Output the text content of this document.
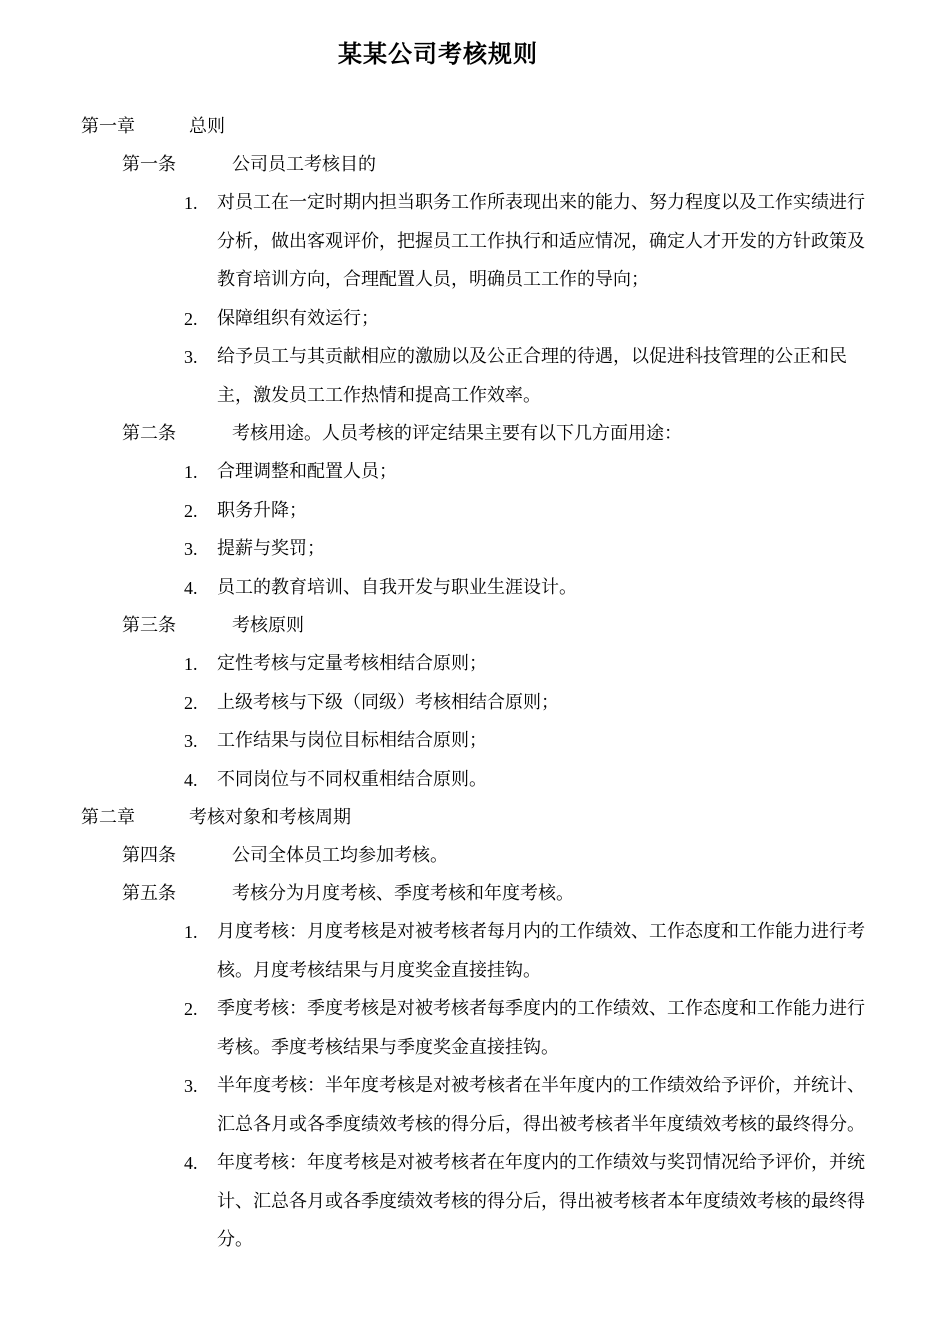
某某公司考核规则
第一章	总则
第一条	公司员工考核目的
1. 对员工在一定时期内担当职务工作所表现出来的能力、努力程度以及工作实绩进行分析，做出客观评价，把握员工工作执行和适应情况，确定人才开发的方针政策及教育培训方向，合理配置人员，明确员工工作的导向；
2. 保障组织有效运行；
3. 给予员工与其贡献相应的激励以及公正合理的待遇，以促进科技管理的公正和民主，激发员工工作热情和提高工作效率。
第二条	考核用途。人员考核的评定结果主要有以下几方面用途：
1. 合理调整和配置人员；
2. 职务升降；
3. 提薪与奖罚；
4. 员工的教育培训、自我开发与职业生涯设计。
第三条	考核原则
1. 定性考核与定量考核相结合原则；
2. 上级考核与下级（同级）考核相结合原则；
3. 工作结果与岗位目标相结合原则；
4. 不同岗位与不同权重相结合原则。
第二章	考核对象和考核周期
第四条	公司全体员工均参加考核。
第五条	考核分为月度考核、季度考核和年度考核。
1. 月度考核：月度考核是对被考核者每月内的工作绩效、工作态度和工作能力进行考核。月度考核结果与月度奖金直接挂钩。
2. 季度考核：季度考核是对被考核者每季度内的工作绩效、工作态度和工作能力进行考核。季度考核结果与季度奖金直接挂钩。
3. 半年度考核：半年度考核是对被考核者在半年度内的工作绩效给予评价，并统计、汇总各月或各季度绩效考核的得分后，得出被考核者半年度绩效考核的最终得分。
4. 年度考核：年度考核是对被考核者在年度内的工作绩效与奖罚情况给予评价，并统计、汇总各月或各季度绩效考核的得分后，得出被考核者本年度绩效考核的最终得分。
